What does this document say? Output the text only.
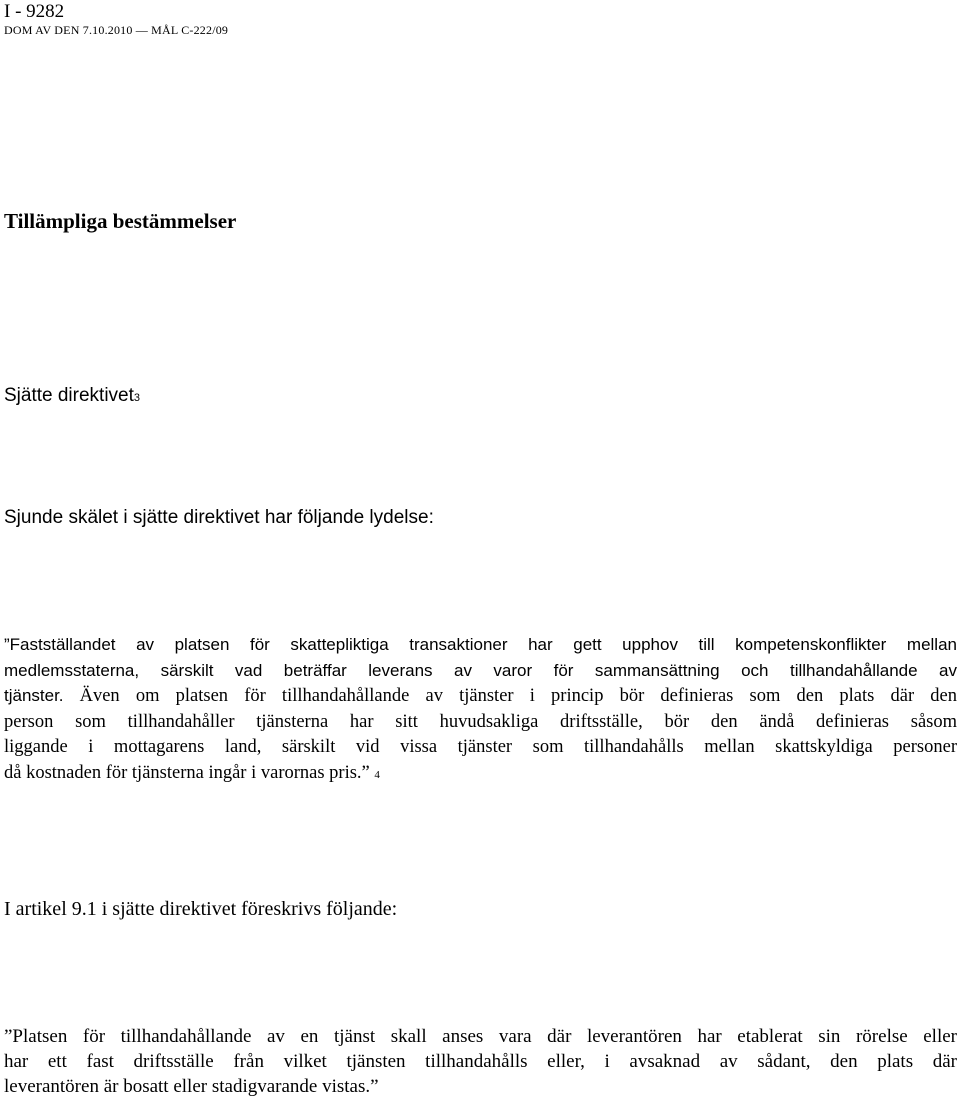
I - 9282
DOM AV DEN 7.10.2010 — MÅL C-222/09
Tillämpliga bestämmelser
Sjätte direktivet3
Sjunde skälet i sjätte direktivet har följande lydelse:
”Fastställandet av platsen för skattepliktiga transaktioner har gett upphov till kompetenskonflikter mellan
medlemsstaterna, särskilt vad beträffar leverans av varor för sammansättning och tillhandahållande av
tjänster. Även om platsen för tillhandahållande av tjänster i princip bör definieras som den plats där den
person som tillhandahåller tjänsterna har sitt huvudsakliga driftsställe, bör den ändå definieras såsom
liggande i mottagarens land, särskilt vid vissa tjänster som tillhandahålls mellan skattskyldiga personer
då kostnaden för tjänsterna ingår i varornas pris.” 4
I artikel 9.1 i sjätte direktivet föreskrivs följande:
”Platsen för tillhandahållande av en tjänst skall anses vara där leverantören har etablerat sin rörelse eller
har ett fast driftsställe från vilket tjänsten tillhandahålls eller, i avsaknad av sådant, den plats där
leverantören är bosatt eller stadigvarande vistas.”
